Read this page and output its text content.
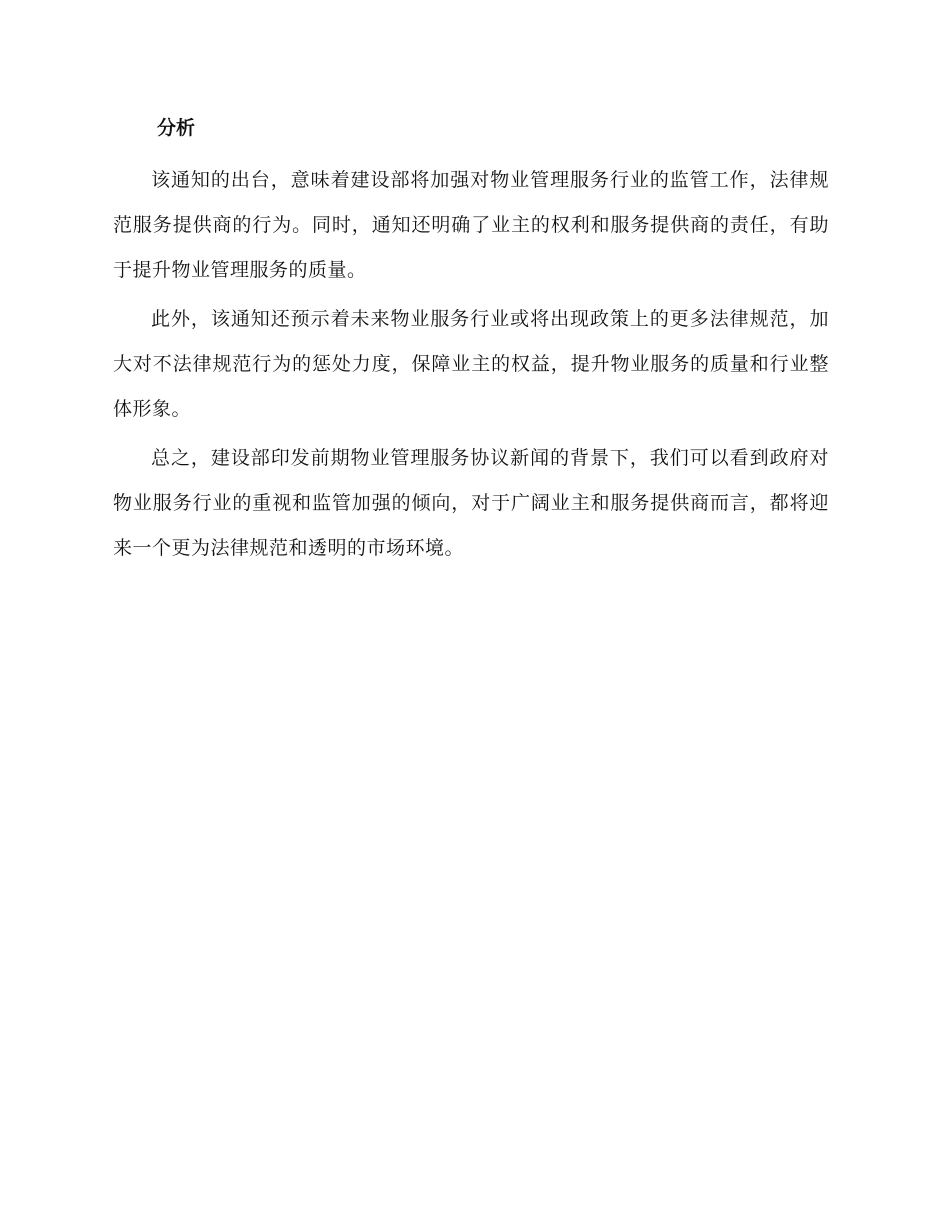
分析

该通知的出台，意味着建设部将加强对物业管理服务行业的监管工作，法律规范服务提供商的行为。同时，通知还明确了业主的权利和服务提供商的责任，有助于提升物业管理服务的质量。

此外，该通知还预示着未来物业服务行业或将出现政策上的更多法律规范，加大对不法律规范行为的惩处力度，保障业主的权益，提升物业服务的质量和行业整体形象。

总之，建设部印发前期物业管理服务协议新闻的背景下，我们可以看到政府对物业服务行业的重视和监管加强的倾向，对于广阔业主和服务提供商而言，都将迎来一个更为法律规范和透明的市场环境。
